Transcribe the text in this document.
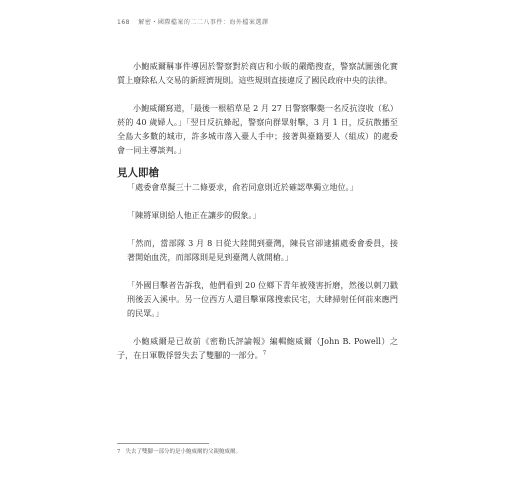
168 解密・國際檔案的二二八事件：海外檔案選譯

小鮑威爾稱事件導因於警察對於商店和小販的嚴酷搜查，警察試圖強化實質上廢除私人交易的新經濟規則。這些規則直接違反了國民政府中央的法律。

小鮑威爾寫道，「最後一根稻草是 2 月 27 日警察擊斃一名反抗沒收（私）菸的 40 歲婦人。」「翌日反抗蜂起，警察向群眾射擊，3 月 1 日，反抗散播至全島大多數的城市，許多城市落入臺人手中；接著與臺籍要人（組成）的處委會一同主導談判。」

見人即槍

「處委會草擬三十二條要求，俞若同意則近於確認準獨立地位。」

「陳將軍則給人他正在讓步的假象。」

「然而，當部隊 3 月 8 日從大陸開到臺灣，陳長官卻逮捕處委會委員，接著開始血洗，而部隊則是見到臺灣人就開槍。」

「外國目擊者告訴我，他們看到 20 位鄉下青年被殘害折磨，然後以刺刀戳刑後丟入溪中。另一位西方人還目擊軍隊搜索民宅，大肆掃射任何前來應門的民眾。」

小鮑威爾是已故前《密勒氏評論報》編輯鮑威爾（John B. Powell）之子，在日軍戰俘營失去了雙腳的一部分。$^7$

7 失去了雙腳一部分的是小鮑威爾的父親鮑威爾。
